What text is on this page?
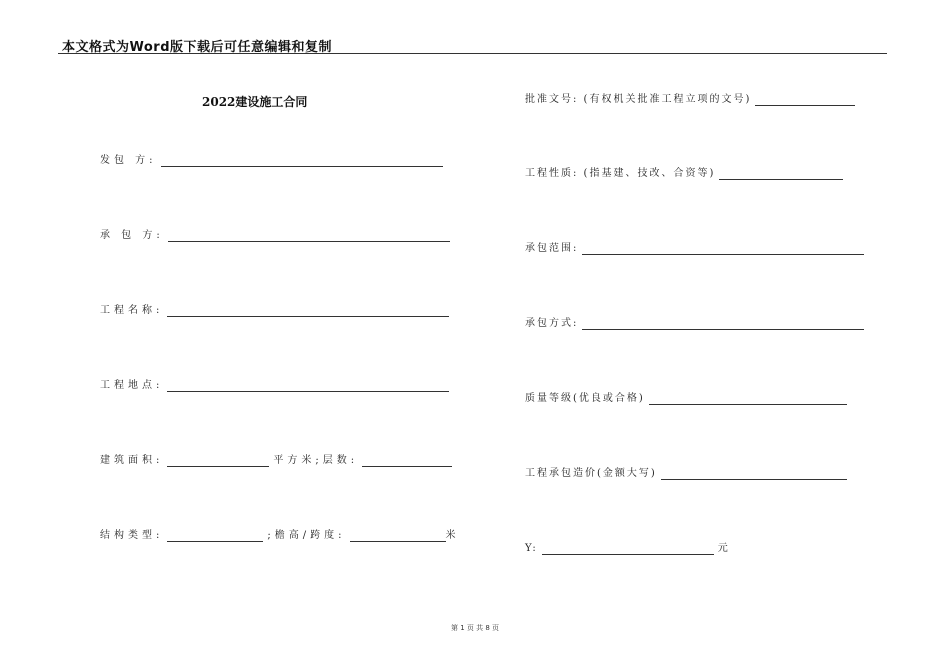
本文格式为Word版下载后可任意编辑和复制
2022建设施工合同
发包 方:
承 包 方:
工程名称:
工程地点:
建筑面积:	平方米; 层数:
结构类型:	; 檐高/跨度:	米
批准文号: (有权机关批准工程立项的文号)
工程性质: (指基建、技改、合资等)
承包范围:
承包方式:
质量等级(优良或合格)
工程承包造价(金额大写)
Y:	元
第 1 页 共 8 页
